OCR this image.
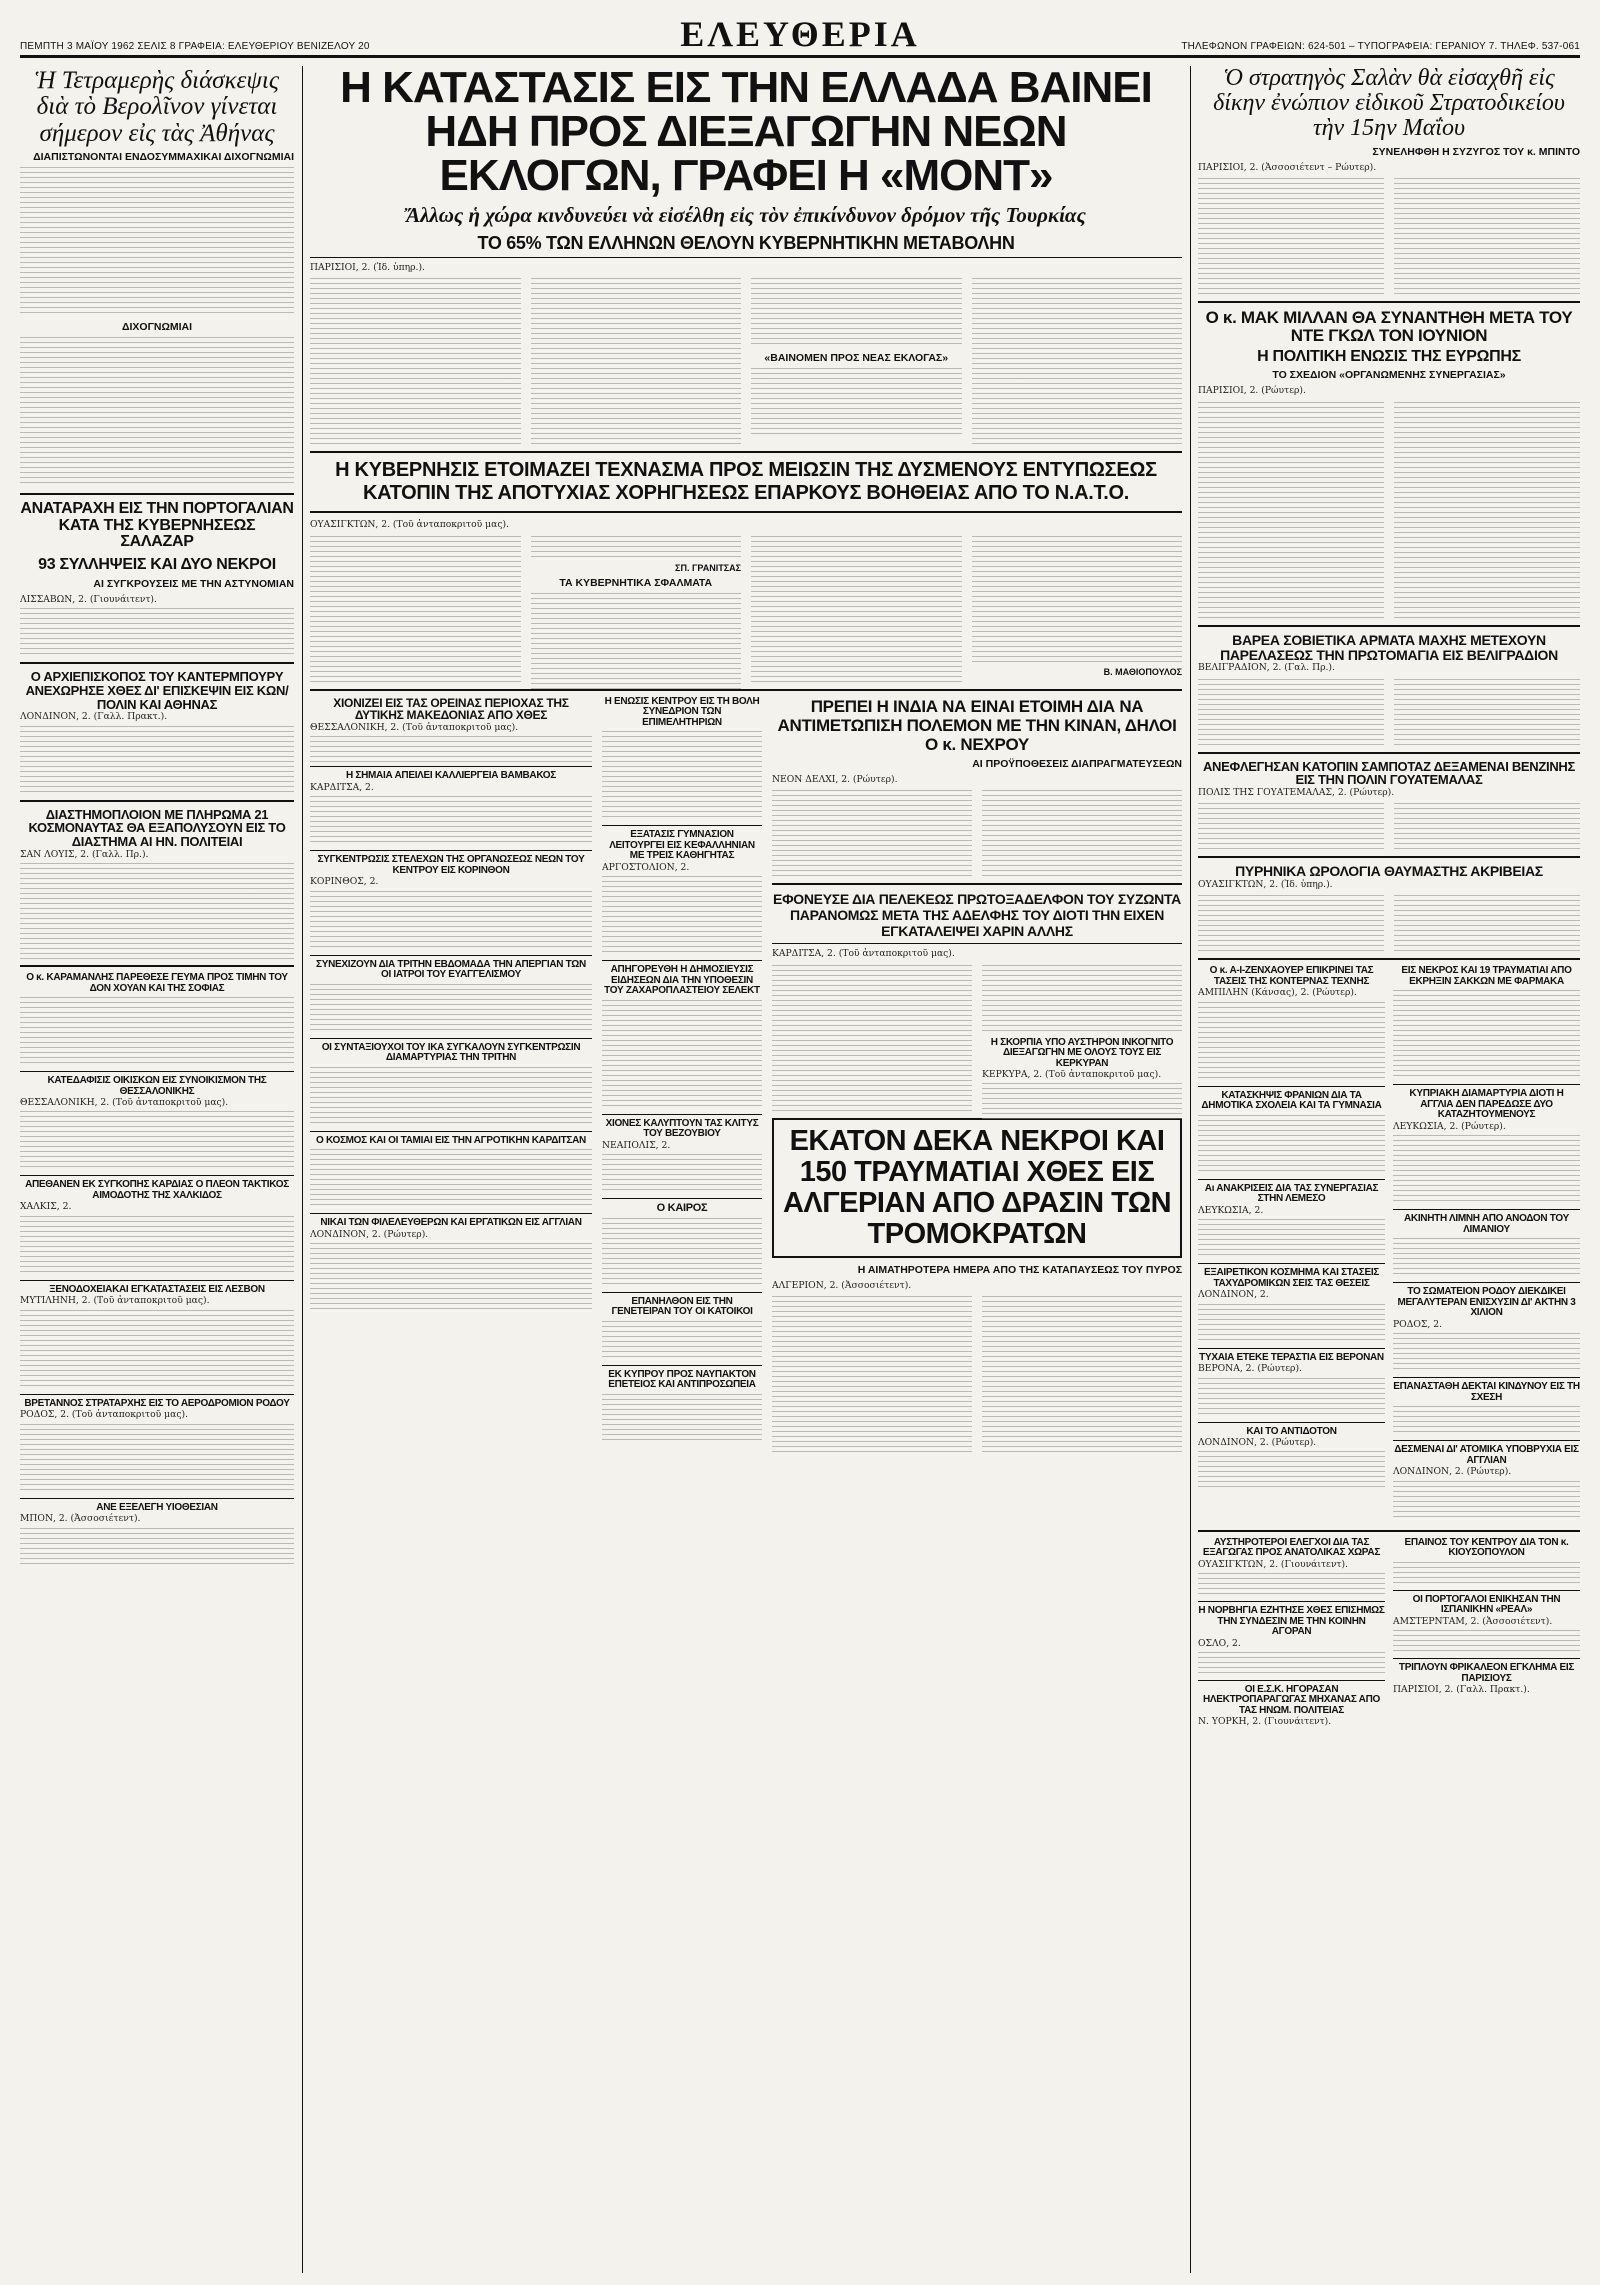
ΠΕΜΠΤΗ 3 ΜΑΪΟΥ 1962 ΣΕΛΙΣ 8 ΓΡΑΦΕΙΑ: ΕΛΕΥΘΕΡΙΟΥ ΒΕΝΙΖΕΛΟΥ 20	ΕΛΕΥΘΕΡΙΑ	ΤΗΛΕΦΩΝΟΝ ΓΡΑΦΕΙΩΝ: 624-501 – ΤΥΠΟΓΡΑΦΕΙΑ: ΓΕΡΑΝΙΟΥ 7. ΤΗΛΕΦ. 537-061
Ἡ Τετραμερὴς διάσκεψις διὰ τὸ Βερολῖνον γίνεται σήμερον εἰς τὰς Ἀθήνας
ΔΙΑΠΙΣΤΩΝΟΝΤΑΙ ΕΝΔΟΣΥΜΜΑΧΙΚΑΙ ΔΙΧΟΓΝΩΜΙΑΙ
ΔΙΧΟΓΝΩΜΙΑΙ
ΑΝΑΤΑΡΑΧΗ ΕΙΣ ΤΗΝ ΠΟΡΤΟΓΑΛΙΑΝ ΚΑΤΑ ΤΗΣ ΚΥΒΕΡΝΗΣΕΩΣ ΣΑΛΑΖΑΡ
93 ΣΥΛΛΗΨΕΙΣ ΚΑΙ ΔΥΟ ΝΕΚΡΟΙ
ΑΙ ΣΥΓΚΡΟΥΣΕΙΣ ΜΕ ΤΗΝ ΑΣΤΥΝΟΜΙΑΝ

ΛΙΣΣΑΒΩΝ, 2. (Γιουνάιτεντ).

Ο ΑΡΧΙΕΠΙΣΚΟΠΟΣ ΤΟΥ ΚΑΝΤΕΡΜΠΟΥΡΥ ΑΝΕΧΩΡΗΣΕ ΧΘΕΣ ΔΙ' ΕΠΙΣΚΕΨΙΝ ΕΙΣ ΚΩΝ/ΠΟΛΙΝ ΚΑΙ ΑΘΗΝΑΣ

ΛΟΝΔΙΝΟΝ, 2. (Γαλλ. Πρακτ.).

ΔΙΑΣΤΗΜΟΠΛΟΙΟΝ ΜΕ ΠΛΗΡΩΜΑ 21 ΚΟΣΜΟΝΑΥΤΑΣ ΘΑ ΕΞΑΠΟΛΥΣΟΥΝ ΕΙΣ ΤΟ ΔΙΑΣΤΗΜΑ ΑΙ ΗΝ. ΠΟΛΙΤΕΙΑΙ

ΣΑΝ ΛΟΥΙΣ, 2. (Γαλλ. Πρ.).

Ο κ. ΚΑΡΑΜΑΝΛΗΣ ΠΑΡΕΘΕΣΕ ΓΕΥΜΑ ΠΡΟΣ ΤΙΜΗΝ ΤΟΥ ΔΟΝ ΧΟΥΑΝ ΚΑΙ ΤΗΣ ΣΟΦΙΑΣ
ΚΑΤΕΔΑΦΙΣΙΣ ΟΙΚΙΣΚΩΝ ΕΙΣ ΣΥΝΟΙΚΙΣΜΟΝ ΤΗΣ ΘΕΣΣΑΛΟΝΙΚΗΣ

ΘΕΣΣΑΛΟΝΙΚΗ, 2. (Τοῦ ἀνταποκριτοῦ μας).

ΑΠΕΘΑΝΕΝ ΕΚ ΣΥΓΚΟΠΗΣ ΚΑΡΔΙΑΣ Ο ΠΛΕΟΝ ΤΑΚΤΙΚΟΣ ΑΙΜΟΔΟΤΗΣ ΤΗΣ ΧΑΛΚΙΔΟΣ

ΧΑΛΚΙΣ, 2.

ΞΕΝΟΔΟΧΕΙΑΚΑΙ ΕΓΚΑΤΑΣΤΑΣΕΙΣ ΕΙΣ ΛΕΣΒΟΝ

ΜΥΤΙΛΗΝΗ, 2. (Τοῦ ἀνταποκριτοῦ μας).

ΒΡΕΤΑΝΝΟΣ ΣΤΡΑΤΑΡΧΗΣ ΕΙΣ ΤΟ ΑΕΡΟΔΡΟΜΙΟΝ ΡΟΔΟΥ

ΡΟΔΟΣ, 2. (Τοῦ ἀνταποκριτοῦ μας).

ΑΝΕ ΕΞΕΛΕΓΗ ΥΙΟΘΕΣΙΑΝ

ΜΠΟΝ, 2. (Ἀσσοσιέτεντ).

Η ΚΑΤΑΣΤΑΣΙΣ ΕΙΣ ΤΗΝ ΕΛΛΑΔΑ ΒΑΙΝΕΙ ΗΔΗ ΠΡΟΣ ΔΙΕΞΑΓΩΓΗΝ ΝΕΩΝ ΕΚΛΟΓΩΝ, ΓΡΑΦΕΙ Η «ΜΟΝΤ»
Ἄλλως ἡ χώρα κινδυνεύει νὰ εἰσέλθη εἰς τὸν ἐπικίνδυνον δρόμον τῆς Τουρκίας
ΤΟ 65% ΤΩΝ ΕΛΛΗΝΩΝ ΘΕΛΟΥΝ ΚΥΒΕΡΝΗΤΙΚΗΝ ΜΕΤΑΒΟΛΗΝ

ΠΑΡΙΣΙΟΙ, 2. (Ἰδ. ὑπηρ.).

«ΒΑΙΝΟΜΕΝ ΠΡΟΣ ΝΕΑΣ ΕΚΛΟΓΑΣ»
Η ΚΥΒΕΡΝΗΣΙΣ ΕΤΟΙΜΑΖΕΙ ΤΕΧΝΑΣΜΑ ΠΡΟΣ ΜΕΙΩΣΙΝ ΤΗΣ ΔΥΣΜΕΝΟΥΣ ΕΝΤΥΠΩΣΕΩΣ ΚΑΤΟΠΙΝ ΤΗΣ ΑΠΟΤΥΧΙΑΣ ΧΟΡΗΓΗΣΕΩΣ ΕΠΑΡΚΟΥΣ ΒΟΗΘΕΙΑΣ ΑΠΟ ΤΟ Ν.Α.Τ.Ο.

ΟΥΑΣΙΓΚΤΩΝ, 2. (Τοῦ ἀνταποκριτοῦ μας).

ΣΠ. ΓΡΑΝΙΤΣΑΣ
ΤΑ ΚΥΒΕΡΝΗΤΙΚΑ ΣΦΑΛΜΑΤΑ
Β. ΜΑΘΙΟΠΟΥΛΟΣ
ΧΙΟΝΙΖΕΙ ΕΙΣ ΤΑΣ ΟΡΕΙΝΑΣ ΠΕΡΙΟΧΑΣ ΤΗΣ ΔΥΤΙΚΗΣ ΜΑΚΕΔΟΝΙΑΣ ΑΠΟ ΧΘΕΣ

ΘΕΣΣΑΛΟΝΙΚΗ, 2. (Τοῦ ἀνταποκριτοῦ μας).

Η ΣΗΜΑΙΑ ΑΠΕΙΛΕΙ ΚΑΛΛΙΕΡΓΕΙΑ ΒΑΜΒΑΚΟΣ

ΚΑΡΔΙΤΣΑ, 2.

ΣΥΓΚΕΝΤΡΩΣΙΣ ΣΤΕΛΕΧΩΝ ΤΗΣ ΟΡΓΑΝΩΣΕΩΣ ΝΕΩΝ ΤΟΥ ΚΕΝΤΡΟΥ ΕΙΣ ΚΟΡΙΝΘΟΝ

ΚΟΡΙΝΘΟΣ, 2.

ΣΥΝΕΧΙΖΟΥΝ ΔΙΑ ΤΡΙΤΗΝ ΕΒΔΟΜΑΔΑ ΤΗΝ ΑΠΕΡΓΙΑΝ ΤΩΝ ΟΙ ΙΑΤΡΟΙ ΤΟΥ ΕΥΑΓΓΕΛΙΣΜΟΥ
ΟΙ ΣΥΝΤΑΞΙΟΥΧΟΙ ΤΟΥ ΙΚΑ ΣΥΓΚΑΛΟΥΝ ΣΥΓΚΕΝΤΡΩΣΙΝ ΔΙΑΜΑΡΤΥΡΙΑΣ ΤΗΝ ΤΡΙΤΗΝ
Ο ΚΟΣΜΟΣ ΚΑΙ ΟΙ ΤΑΜΙΑΙ ΕΙΣ ΤΗΝ ΑΓΡΟΤΙΚΗΝ ΚΑΡΔΙΤΣΑΝ
ΝΙΚΑΙ ΤΩΝ ΦΙΛΕΛΕΥΘΕΡΩΝ ΚΑΙ ΕΡΓΑΤΙΚΩΝ ΕΙΣ ΑΓΓΛΙΑΝ

ΛΟΝΔΙΝΟΝ, 2. (Ρώυτερ).

Η ΕΝΩΣΙΣ ΚΕΝΤΡΟΥ ΕΙΣ ΤΗ ΒΟΛΗ ΣΥΝΕΔΡΙΟΝ ΤΩΝ ΕΠΙΜΕΛΗΤΗΡΙΩΝ
ΕΞΑΤΑΣΙΣ ΓΥΜΝΑΣΙΟΝ ΛΕΙΤΟΥΡΓΕΙ ΕΙΣ ΚΕΦΑΛΛΗΝΙΑΝ ΜΕ ΤΡΕΙΣ ΚΑΘΗΓΗΤΑΣ

ΑΡΓΟΣΤΟΛΙΟΝ, 2.

ΑΠΗΓΟΡΕΥΘΗ Η ΔΗΜΟΣΙΕΥΣΙΣ ΕΙΔΗΣΕΩΝ ΔΙΑ ΤΗΝ ΥΠΟΘΕΣΙΝ ΤΟΥ ΖΑΧΑΡΟΠΛΑΣΤΕΙΟΥ ΣΕΛΕΚΤ
ΧΙΟΝΕΣ ΚΑΛΥΠΤΟΥΝ ΤΑΣ ΚΛΙΤΥΣ ΤΟΥ ΒΕΖΟΥΒΙΟΥ

ΝΕΑΠΟΛΙΣ, 2.

Ο ΚΑΙΡΟΣ
ΕΠΑΝΗΛΘΟΝ ΕΙΣ ΤΗΝ ΓΕΝΕΤΕΙΡΑΝ ΤΟΥ ΟΙ ΚΑΤΟΙΚΟΙ
ΕΚ ΚΥΠΡΟΥ ΠΡΟΣ ΝΑΥΠΑΚΤΟΝ ΕΠΕΤΕΙΟΣ ΚΑΙ ΑΝΤΙΠΡΟΣΩΠΕΙΑ
ΠΡΕΠΕΙ Η ΙΝΔΙΑ ΝΑ ΕΙΝΑΙ ΕΤΟΙΜΗ ΔΙΑ ΝΑ ΑΝΤΙΜΕΤΩΠΙΣΗ ΠΟΛΕΜΟΝ ΜΕ ΤΗΝ ΚΙΝΑΝ, ΔΗΛΟΙ Ο κ. ΝΕΧΡΟΥ
ΑΙ ΠΡΟΫΠΟΘΕΣΕΙΣ ΔΙΑΠΡΑΓΜΑΤΕΥΣΕΩΝ

ΝΕΟΝ ΔΕΛΧΙ, 2. (Ρώυτερ).

ΕΦΟΝΕΥΣΕ ΔΙΑ ΠΕΛΕΚΕΩΣ ΠΡΩΤΟΞΑΔΕΛΦΟΝ ΤΟΥ ΣΥΖΩΝΤΑ ΠΑΡΑΝΟΜΩΣ ΜΕΤΑ ΤΗΣ ΑΔΕΛΦΗΣ ΤΟΥ ΔΙΟΤΙ ΤΗΝ ΕΙΧΕΝ ΕΓΚΑΤΑΛΕΙΨΕΙ ΧΑΡΙΝ ΑΛΛΗΣ

ΚΑΡΔΙΤΣΑ, 2. (Τοῦ ἀνταποκριτοῦ μας).

Η ΣΚΟΡΠΙΑ ΥΠΟ ΑΥΣΤΗΡΟΝ ΙΝΚΟΓΝΙΤΟ ΔΙΕΞΑΓΩΓΗΝ ΜΕ ΟΛΟΥΣ ΤΟΥΣ ΕΙΣ ΚΕΡΚΥΡΑΝ

ΚΕΡΚΥΡΑ, 2. (Τοῦ ἀνταποκριτοῦ μας).

ΕΚΑΤΟΝ ΔΕΚΑ ΝΕΚΡΟΙ ΚΑΙ 150 ΤΡΑΥΜΑΤΙΑΙ ΧΘΕΣ ΕΙΣ ΑΛΓΕΡΙΑΝ ΑΠΟ ΔΡΑΣΙΝ ΤΩΝ ΤΡΟΜΟΚΡΑΤΩΝ
Η ΑΙΜΑΤΗΡΟΤΕΡΑ ΗΜΕΡΑ ΑΠΟ ΤΗΣ ΚΑΤΑΠΑΥΣΕΩΣ ΤΟΥ ΠΥΡΟΣ

ΑΛΓΕΡΙΟΝ, 2. (Ἀσσοσιέτεντ).

Ὁ στρατηγὸς Σαλὰν θὰ εἰσαχθῆ εἰς δίκην ἐνώπιον εἰδικοῦ Στρατοδικείου τὴν 15ην Μαΐου
ΣΥΝΕΛΗΦΘΗ Η ΣΥΖΥΓΟΣ ΤΟΥ κ. ΜΠΙΝΤΟ

ΠΑΡΙΣΙΟΙ, 2. (Ἀσσοσιέτεντ – Ρώυτερ).

Ο κ. ΜΑΚ ΜΙΛΛΑΝ ΘΑ ΣΥΝΑΝΤΗΘΗ ΜΕΤΑ ΤΟΥ ΝΤΕ ΓΚΩΛ ΤΟΝ ΙΟΥΝΙΟΝ
Η ΠΟΛΙΤΙΚΗ ΕΝΩΣΙΣ ΤΗΣ ΕΥΡΩΠΗΣ
ΤΟ ΣΧΕΔΙΟΝ «ΟΡΓΑΝΩΜΕΝΗΣ ΣΥΝΕΡΓΑΣΙΑΣ»

ΠΑΡΙΣΙΟΙ, 2. (Ρώυτερ).

ΒΑΡΕΑ ΣΟΒΙΕΤΙΚΑ ΑΡΜΑΤΑ ΜΑΧΗΣ ΜΕΤΕΧΟΥΝ ΠΑΡΕΛΑΣΕΩΣ ΤΗΝ ΠΡΩΤΟΜΑΓΙΑ ΕΙΣ ΒΕΛΙΓΡΑΔΙΟΝ

ΒΕΛΙΓΡΑΔΙΟΝ, 2. (Γαλ. Πρ.).

ΑΝΕΦΛΕΓΗΣΑΝ ΚΑΤΟΠΙΝ ΣΑΜΠΟΤΑΖ ΔΕΞΑΜΕΝΑΙ ΒΕΝΖΙΝΗΣ ΕΙΣ ΤΗΝ ΠΟΛΙΝ ΓΟΥΑΤΕΜΑΛΑΣ

ΠΟΛΙΣ ΤΗΣ ΓΟΥΑΤΕΜΑΛΑΣ, 2. (Ρώυτερ).

ΠΥΡΗΝΙΚΑ ΩΡΟΛΟΓΙΑ ΘΑΥΜΑΣΤΗΣ ΑΚΡΙΒΕΙΑΣ

ΟΥΑΣΙΓΚΤΩΝ, 2. (Ἰδ. ὑπηρ.).

Ο κ. Α-Ι-ΖΕΝΧΑΟΥΕΡ ΕΠΙΚΡΙΝΕΙ ΤΑΣ ΤΑΣΕΙΣ ΤΗΣ ΚΟΝΤΕΡΝΑΣ ΤΕΧΝΗΣ

ΑΜΠΙΛΗΝ (Κάνσας), 2. (Ρώυτερ).

ΚΑΤΑΣΚΗΨΙΣ ΦΡΑΝΙΩΝ ΔΙΑ ΤΑ ΔΗΜΟΤΙΚΑ ΣΧΟΛΕΙΑ ΚΑΙ ΤΑ ΓΥΜΝΑΣΙΑ
Αι ΑΝΑΚΡΙΣΕΙΣ ΔΙΑ ΤΑΣ ΣΥΝΕΡΓΑΣΙΑΣ ΣΤΗΝ ΛΕΜΕΣΟ

ΛΕΥΚΩΣΙΑ, 2.

ΕΞΑΙΡΕΤΙΚΟΝ ΚΟΣΜΗΜΑ ΚΑΙ ΣΤΑΣΕΙΣ ΤΑΧΥΔΡΟΜΙΚΩΝ ΣΕΙΣ ΤΑΣ ΘΕΣΕΙΣ

ΛΟΝΔΙΝΟΝ, 2.

ΤΥΧΑΙΑ ΕΤΕΚΕ ΤΕΡΑΣΤΙΑ ΕΙΣ ΒΕΡΟΝΑΝ

ΒΕΡΟΝΑ, 2. (Ρώυτερ).

ΚΑΙ ΤΟ ΑΝΤΙΔΟΤΟΝ

ΛΟΝΔΙΝΟΝ, 2. (Ρώυτερ).

ΕΙΣ ΝΕΚΡΟΣ ΚΑΙ 19 ΤΡΑΥΜΑΤΙΑΙ ΑΠΟ ΕΚΡΗΞΙΝ ΣΑΚΚΩΝ ΜΕ ΦΑΡΜΑΚΑ
ΚΥΠΡΙΑΚΗ ΔΙΑΜΑΡΤΥΡΙΑ ΔΙΟΤΙ Η ΑΓΓΛΙΑ ΔΕΝ ΠΑΡΕΔΩΣΕ ΔΥΟ ΚΑΤΑΖΗΤΟΥΜΕΝΟΥΣ

ΛΕΥΚΩΣΙΑ, 2. (Ρώυτερ).

ΑΚΙΝΗΤΗ ΛΙΜΝΗ ΑΠΟ ΑΝΟΔΟΝ ΤΟΥ ΛΙΜΑΝΙΟΥ
ΤΟ ΣΩΜΑΤΕΙΟΝ ΡΟΔΟΥ ΔΙΕΚΔΙΚΕΙ ΜΕΓΑΛΥΤΕΡΑΝ ΕΝΙΣΧΥΣΙΝ ΔΙ' ΑΚΤΗΝ 3 ΧΙΛΙΟΝ

ΡΟΔΟΣ, 2.

ΕΠΑΝΑΣΤΑΘΗ ΔΕΚΤΑΙ ΚΙΝΔΥΝΟΥ ΕΙΣ ΤΗ ΣΧΕΣΗ
ΔΕΣΜΕΝΑΙ ΔΙ' ΑΤΟΜΙΚΑ ΥΠΟΒΡΥΧΙΑ ΕΙΣ ΑΓΓΛΙΑΝ

ΛΟΝΔΙΝΟΝ, 2. (Ρώυτερ).

ΑΥΣΤΗΡΟΤΕΡΟΙ ΕΛΕΓΧΟΙ ΔΙΑ ΤΑΣ ΕΞΑΓΩΓΑΣ ΠΡΟΣ ΑΝΑΤΟΛΙΚΑΣ ΧΩΡΑΣ

ΟΥΑΣΙΓΚΤΩΝ, 2. (Γιουνάιτεντ).

Η ΝΟΡΒΗΓΙΑ ΕΖΗΤΗΣΕ ΧΘΕΣ ΕΠΙΣΗΜΩΣ ΤΗΝ ΣΥΝΔΕΣΙΝ ΜΕ ΤΗΝ ΚΟΙΝΗΝ ΑΓΟΡΑΝ

ΟΣΛΟ, 2.

ΟΙ Ε.Σ.Κ. ΗΓΟΡΑΣΑΝ ΗΛΕΚΤΡΟΠΑΡΑΓΩΓΑΣ ΜΗΧΑΝΑΣ ΑΠΟ ΤΑΣ ΗΝΩΜ. ΠΟΛΙΤΕΙΑΣ

Ν. ΥΟΡΚΗ, 2. (Γιουνάιτεντ).

ΕΠΑΙΝΟΣ ΤΟΥ ΚΕΝΤΡΟΥ ΔΙΑ ΤΟΝ κ. ΚΙΟΥΣΟΠΟΥΛΟΝ
ΟΙ ΠΟΡΤΟΓΑΛΟΙ ΕΝΙΚΗΣΑΝ ΤΗΝ ΙΣΠΑΝΙΚΗΝ «ΡΕΑΛ»

ΑΜΣΤΕΡΝΤΑΜ, 2. (Ἀσσοσιέτεντ).

ΤΡΙΠΛΟΥΝ ΦΡΙΚΑΛΕΟΝ ΕΓΚΛΗΜΑ ΕΙΣ ΠΑΡΙΣΙΟΥΣ

ΠΑΡΙΣΙΟΙ, 2. (Γαλλ. Πρακτ.).
